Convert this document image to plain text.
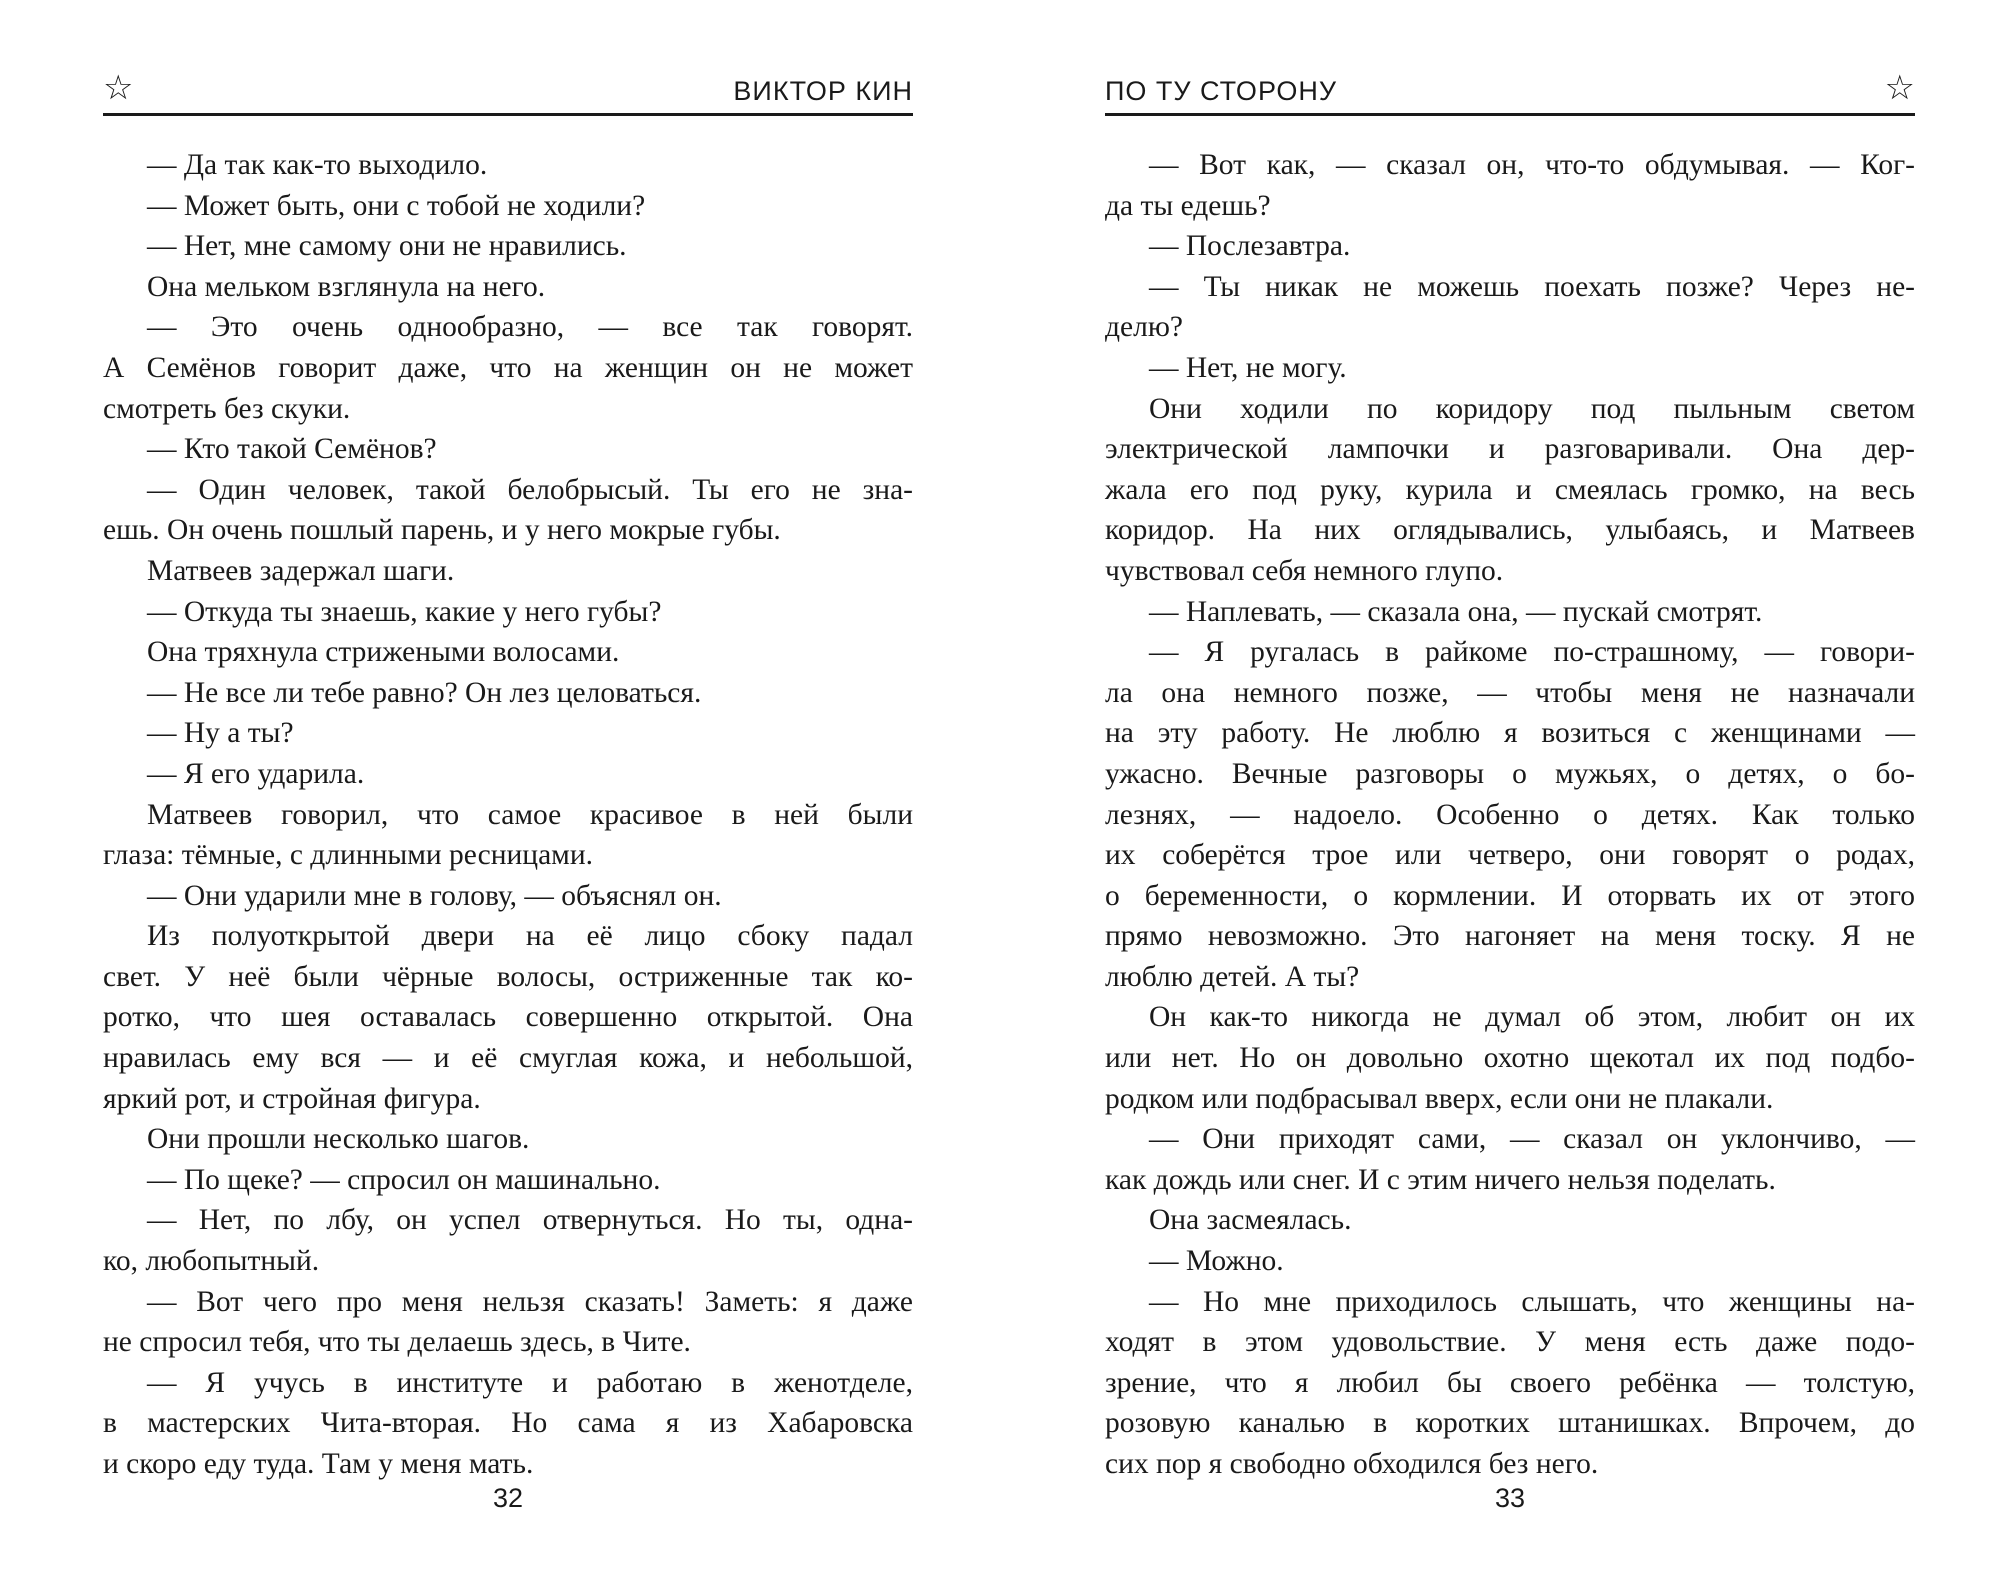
☆	ВИКТОР КИН
— Да так как-то выходило.
— Может быть, они с тобой не ходили?
— Нет, мне самому они не нравились.
Она мельком взглянула на него.
— Это очень однообразно, — все так говорят.
А Семёнов говорит даже, что на женщин он не может
смотреть без скуки.
— Кто такой Семёнов?
— Один человек, такой белобрысый. Ты его не зна-
ешь. Он очень пошлый парень, и у него мокрые губы.
Матвеев задержал шаги.
— Откуда ты знаешь, какие у него губы?
Она тряхнула стрижеными волосами.
— Не все ли тебе равно? Он лез целоваться.
— Ну а ты?
— Я его ударила.
Матвеев говорил, что самое красивое в ней были
глаза: тёмные, с длинными ресницами.
— Они ударили мне в голову, — объяснял он.
Из полуоткрытой двери на её лицо сбоку падал
свет. У неё были чёрные волосы, остриженные так ко-
ротко, что шея оставалась совершенно открытой. Она
нравилась ему вся — и её смуглая кожа, и небольшой,
яркий рот, и стройная фигура.
Они прошли несколько шагов.
— По щеке? — спросил он машинально.
— Нет, по лбу, он успел отвернуться. Но ты, одна-
ко, любопытный.
— Вот чего про меня нельзя сказать! Заметь: я даже
не спросил тебя, что ты делаешь здесь, в Чите.
— Я учусь в институте и работаю в женотделе,
в мастерских Чита-вторая. Но сама я из Хабаровска
и скоро еду туда. Там у меня мать.
32
ПО ТУ СТОРОНУ	☆
— Вот как, — сказал он, что-то обдумывая. — Ког-
да ты едешь?
— Послезавтра.
— Ты никак не можешь поехать позже? Через не-
делю?
— Нет, не могу.
Они ходили по коридору под пыльным светом
электрической лампочки и разговаривали. Она дер-
жала его под руку, курила и смеялась громко, на весь
коридор. На них оглядывались, улыбаясь, и Матвеев
чувствовал себя немного глупо.
— Наплевать, — сказала она, — пускай смотрят.
— Я ругалась в райкоме по-страшному, — говори-
ла она немного позже, — чтобы меня не назначали
на эту работу. Не люблю я возиться с женщинами —
ужасно. Вечные разговоры о мужьях, о детях, о бо-
лезнях, — надоело. Особенно о детях. Как только
их соберётся трое или четверо, они говорят о родах,
о беременности, о кормлении. И оторвать их от этого
прямо невозможно. Это нагоняет на меня тоску. Я не
люблю детей. А ты?
Он как-то никогда не думал об этом, любит он их
или нет. Но он довольно охотно щекотал их под подбо-
родком или подбрасывал вверх, если они не плакали.
— Они приходят сами, — сказал он уклончиво, —
как дождь или снег. И с этим ничего нельзя поделать.
Она засмеялась.
— Можно.
— Но мне приходилось слышать, что женщины на-
ходят в этом удовольствие. У меня есть даже подо-
зрение, что я любил бы своего ребёнка — толстую,
розовую каналью в коротких штанишках. Впрочем, до
сих пор я свободно обходился без него.
33
